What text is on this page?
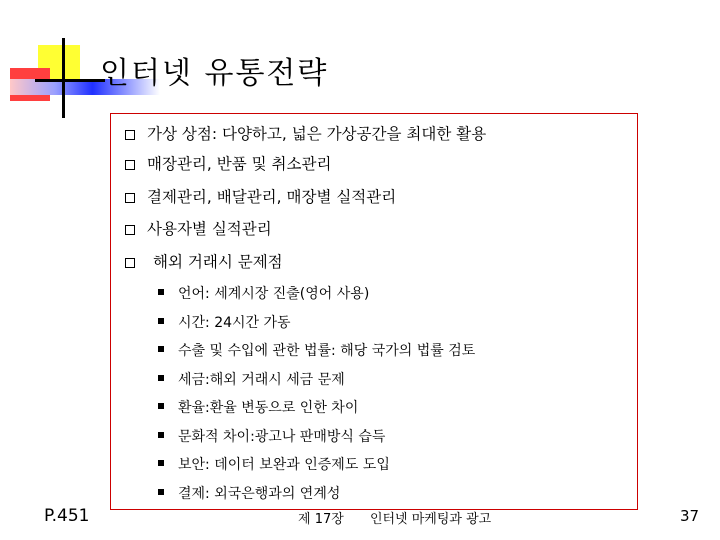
인터넷 유통전략
가상 상점: 다양하고, 넓은 가상공간을 최대한 활용
매장관리, 반품 및 취소관리
결제관리, 배달관리, 매장별 실적관리
사용자별 실적관리
해외 거래시 문제점
언어: 세계시장 진출(영어 사용)
시간: 24시간 가동
수출 및 수입에 관한 법률: 해당 국가의 법률 검토
세금:해외 거래시 세금 문제
환율:환율 변동으로 인한 차이
문화적 차이:광고나 판매방식 습득
보안: 데이터 보완과 인증제도 도입
결제: 외국은행과의 연계성
P.451	제 17장 인터넷 마케팅과 광고	37
